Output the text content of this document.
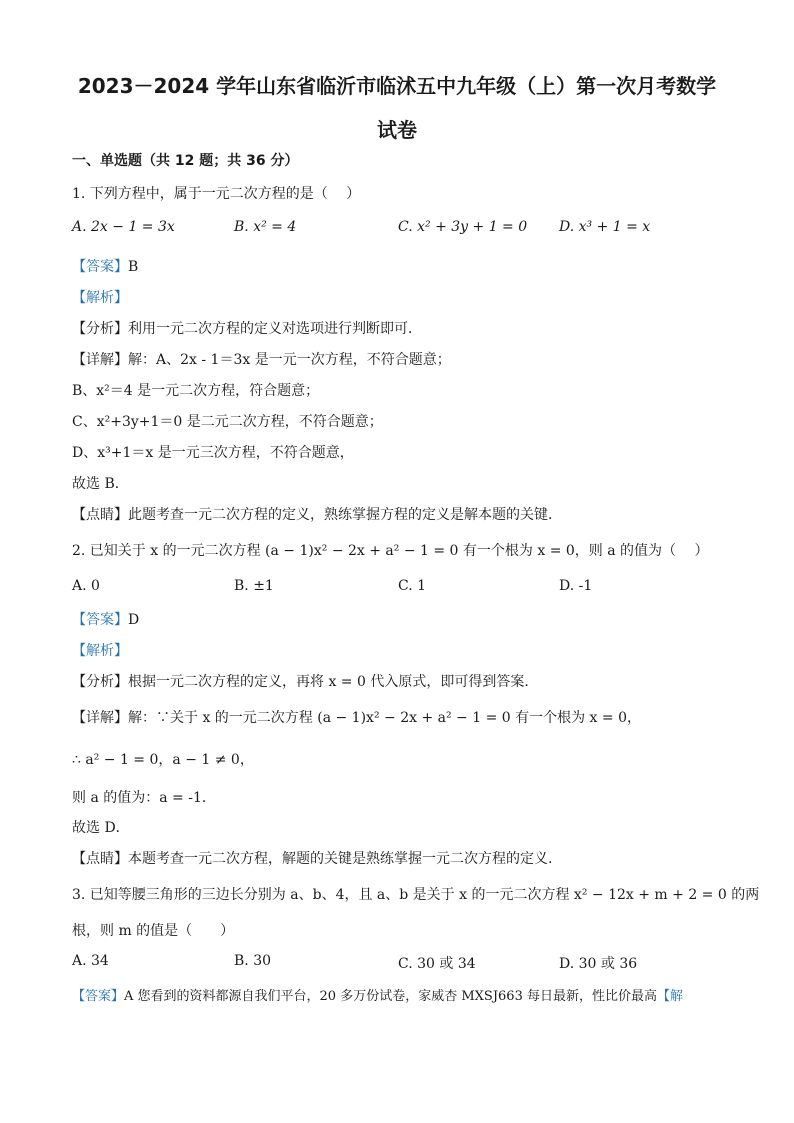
2023－2024 学年山东省临沂市临沭五中九年级（上）第一次月考数学
试卷
一、单选题（共 12 题；共 36 分）
1. 下列方程中，属于一元二次方程的是（　 ）
A. 2x − 1 = 3x	B. x² = 4	C. x² + 3y + 1 = 0 D. x³ + 1 = x
【答案】B
【解析】
【分析】利用一元二次方程的定义对选项进行判断即可．
【详解】解：A、2x - 1＝3x 是一元一次方程，不符合题意；
B、x²＝4 是一元二次方程，符合题意；
C、x²+3y+1＝0 是二元二次方程，不符合题意；
D、x³+1＝x 是一元三次方程，不符合题意，
故选 B．
【点睛】此题考查一元二次方程的定义，熟练掌握方程的定义是解本题的关键．
2. 已知关于 x 的一元二次方程 (a − 1)x² − 2x + a² − 1 = 0 有一个根为 x = 0，则 a 的值为（　 ）
A. 0	B. ±1	C. 1	D. -1
【答案】D
【解析】
【分析】根据一元二次方程的定义，再将 x = 0 代入原式，即可得到答案.
【详解】解：∵关于 x 的一元二次方程 (a − 1)x² − 2x + a² − 1 = 0 有一个根为 x = 0，
∴ a² − 1 = 0，a − 1 ≠ 0，
则 a 的值为：a = -1．
故选 D．
【点睛】本题考查一元二次方程，解题的关键是熟练掌握一元二次方程的定义.
3. 已知等腰三角形的三边长分别为 a、b、4，且 a、b 是关于 x 的一元二次方程 x² − 12x + m + 2 = 0 的两
根，则 m 的值是（　　）
A. 34	B. 30	C. 30 或 34	D. 30 或 36
【答案】A 您看到的资料都源自我们平台，20 多万份试卷，家威杏 MXSJ663 每日最新，性比价最高【解
